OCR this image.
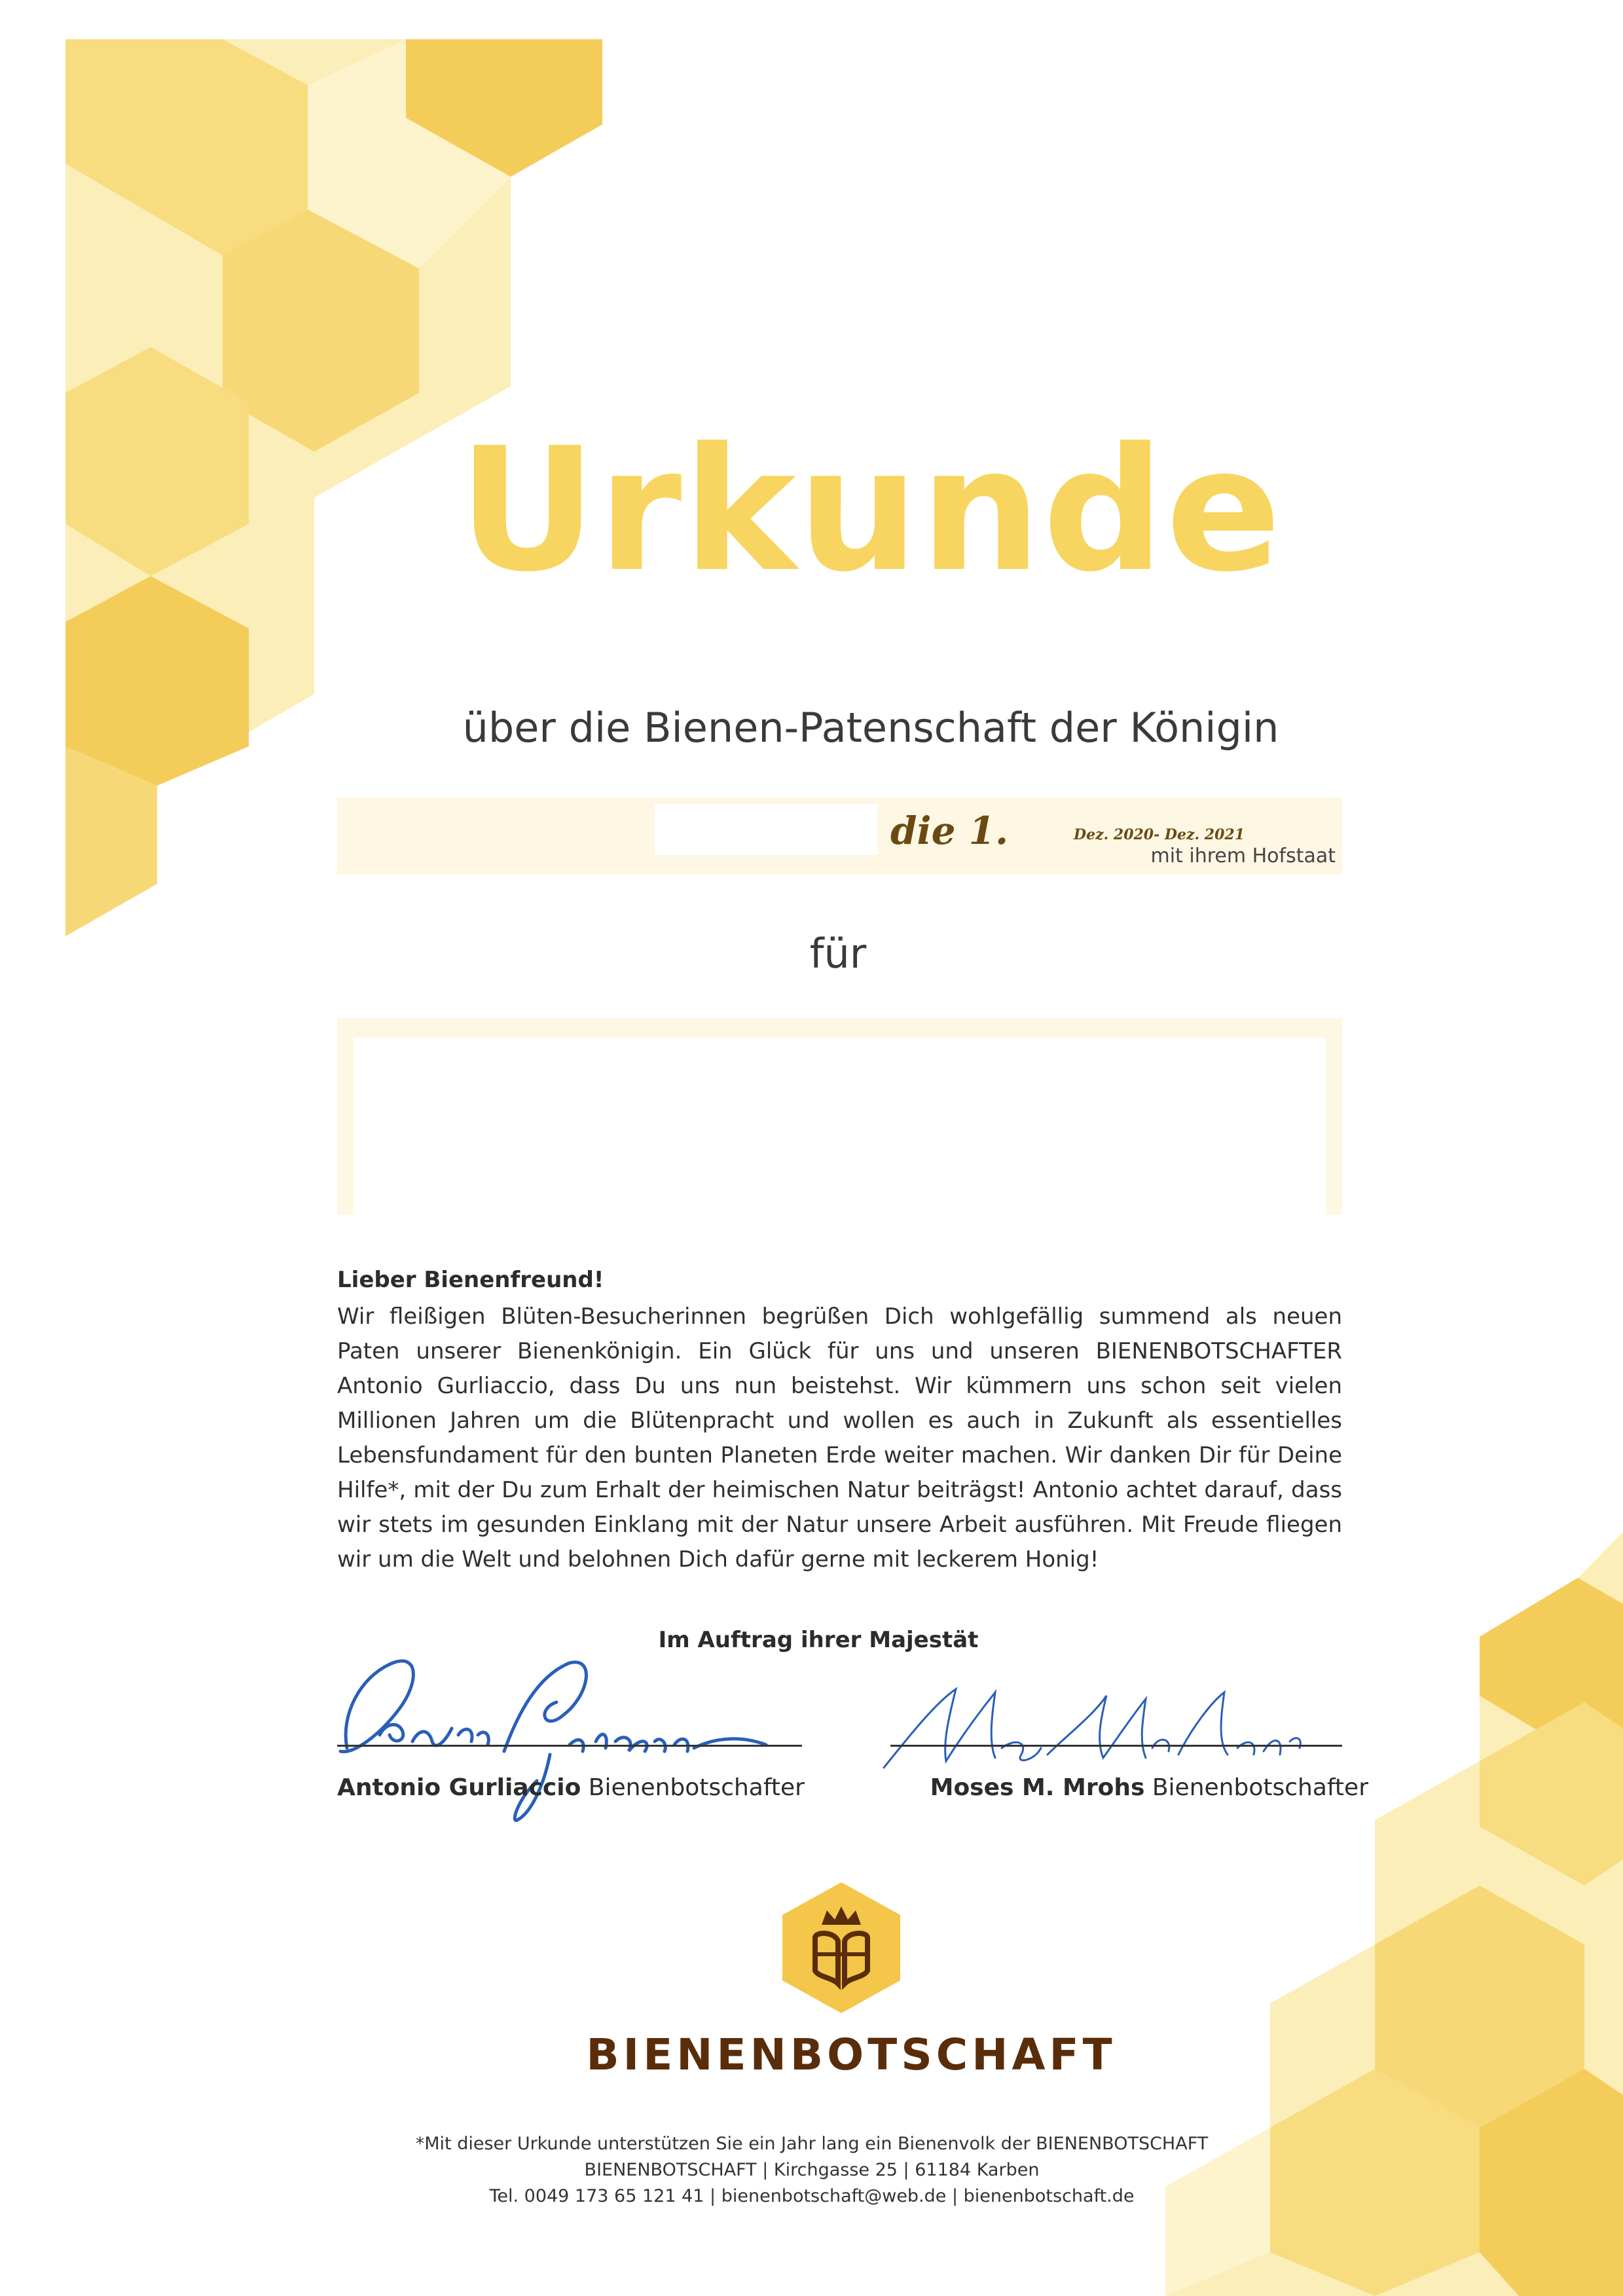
Urkunde
über die Bienen-Patenschaft der Königin
die 1.	Dez. 2020- Dez. 2021
mit ihrem Hofstaat
für
Lieber Bienenfreund!
Wir fleißigen Blüten-Besucherinnen begrüßen Dich wohlgefällig summend als neuen Paten unserer Bienenkönigin. Ein Glück für uns und unseren BIENENBOTSCHAFTER Antonio Gurliaccio, dass Du uns nun beistehst. Wir kümmern uns schon seit vielen Millionen Jahren um die Blütenpracht und wollen es auch in Zukunft als essentielles Lebensfundament für den bunten Planeten Erde weiter machen. Wir danken Dir für Deine Hilfe*, mit der Du zum Erhalt der heimischen Natur beiträgst! Antonio achtet darauf, dass wir stets im gesunden Einklang mit der Natur unsere Arbeit ausführen. Mit Freude fliegen wir um die Welt und belohnen Dich dafür gerne mit leckerem Honig!
Im Auftrag ihrer Majestät
Antonio Gurliaccio Bienenbotschafter	Moses M. Mrohs Bienenbotschafter
BIENENBOTSCHAFT
*Mit dieser Urkunde unterstützen Sie ein Jahr lang ein Bienenvolk der BIENENBOTSCHAFT
BIENENBOTSCHAFT | Kirchgasse 25 | 61184 Karben
Tel. 0049 173 65 121 41 | bienenbotschaft@web.de | bienenbotschaft.de
